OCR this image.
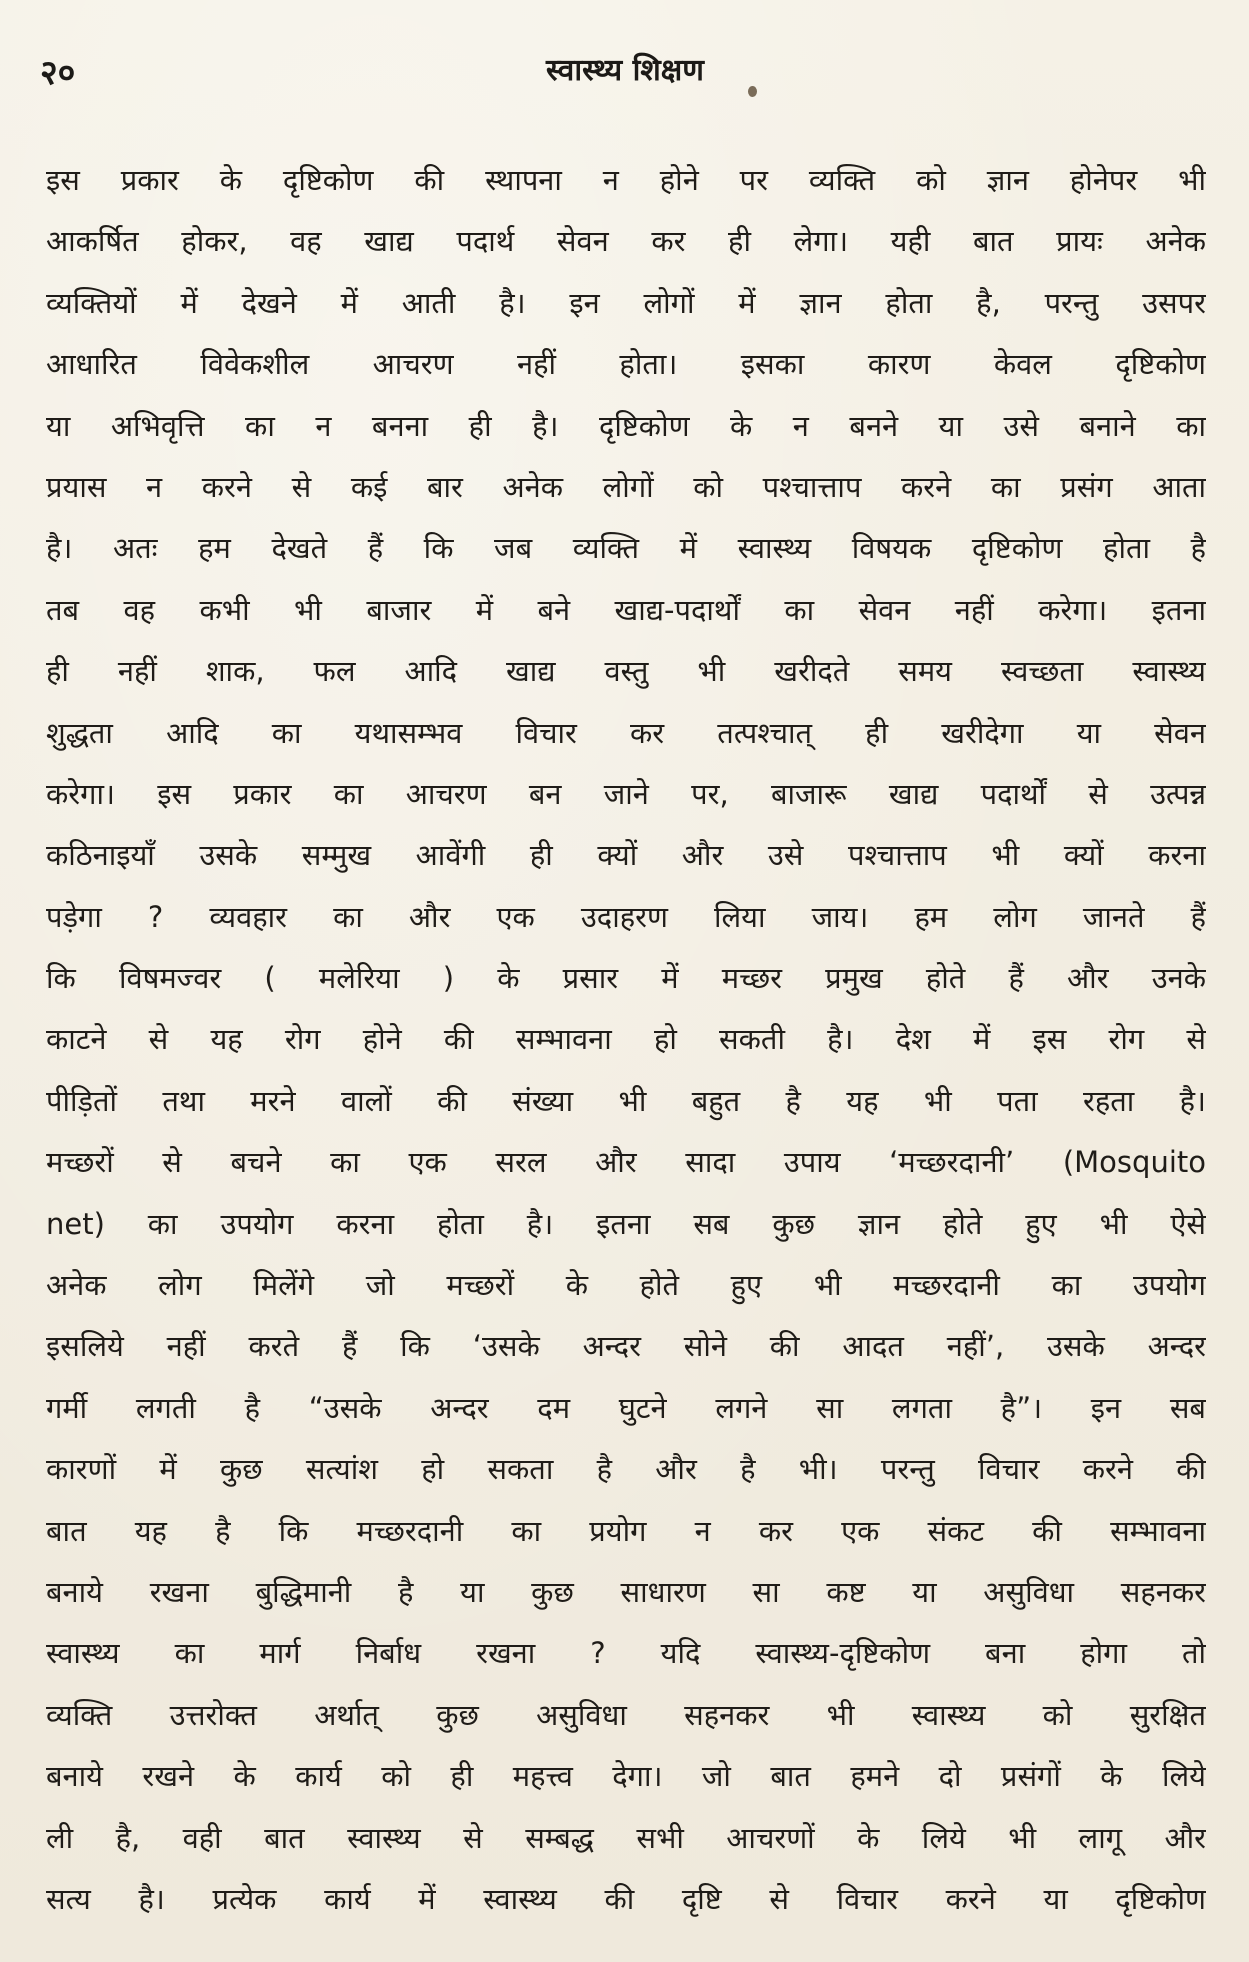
२०	स्वास्थ्य शिक्षण
इस प्रकार के दृष्टिकोण की स्थापना न होने पर व्यक्ति को ज्ञान होनेपर भी
आकर्षित होकर, वह खाद्य पदार्थ सेवन कर ही लेगा। यही बात प्रायः अनेक
व्यक्तियों में देखने में आती है। इन लोगों में ज्ञान होता है, परन्तु उसपर
आधारित विवेकशील आचरण नहीं होता। इसका कारण केवल दृष्टिकोण
या अभिवृत्ति का न बनना ही है। दृष्टिकोण के न बनने या उसे बनाने का
प्रयास न करने से कई बार अनेक लोगों को पश्चात्ताप करने का प्रसंग आता
है। अतः हम देखते हैं कि जब व्यक्ति में स्वास्थ्य विषयक दृष्टिकोण होता है
तब वह कभी भी बाजार में बने खाद्य-पदार्थों का सेवन नहीं करेगा। इतना
ही नहीं शाक, फल आदि खाद्य वस्तु भी खरीदते समय स्वच्छता स्वास्थ्य
शुद्धता आदि का यथासम्भव विचार कर तत्पश्चात् ही खरीदेगा या सेवन
करेगा। इस प्रकार का आचरण बन जाने पर, बाजारू खाद्य पदार्थों से उत्पन्न
कठिनाइयाँ उसके सम्मुख आवेंगी ही क्यों और उसे पश्चात्ताप भी क्यों करना
पड़ेगा ? व्यवहार का और एक उदाहरण लिया जाय। हम लोग जानते हैं
कि विषमज्वर ( मलेरिया ) के प्रसार में मच्छर प्रमुख होते हैं और उनके
काटने से यह रोग होने की सम्भावना हो सकती है। देश में इस रोग से
पीड़ितों तथा मरने वालों की संख्या भी बहुत है यह भी पता रहता है।
मच्छरों से बचने का एक सरल और सादा उपाय ‘मच्छरदानी’ (Mosquito
net) का उपयोग करना होता है। इतना सब कुछ ज्ञान होते हुए भी ऐसे
अनेक लोग मिलेंगे जो मच्छरों के होते हुए भी मच्छरदानी का उपयोग
इसलिये नहीं करते हैं कि ‘उसके अन्दर सोने की आदत नहीं’, उसके अन्दर
गर्मी लगती है “उसके अन्दर दम घुटने लगने सा लगता है”। इन सब
कारणों में कुछ सत्यांश हो सकता है और है भी। परन्तु विचार करने की
बात यह है कि मच्छरदानी का प्रयोग न कर एक संकट की सम्भावना
बनाये रखना बुद्धिमानी है या कुछ साधारण सा कष्ट या असुविधा सहनकर
स्वास्थ्य का मार्ग निर्बाध रखना ? यदि स्वास्थ्य-दृष्टिकोण बना होगा तो
व्यक्ति उत्तरोक्त अर्थात् कुछ असुविधा सहनकर भी स्वास्थ्य को सुरक्षित
बनाये रखने के कार्य को ही महत्त्व देगा। जो बात हमने दो प्रसंगों के लिये
ली है, वही बात स्वास्थ्य से सम्बद्ध सभी आचरणों के लिये भी लागू और
सत्य है। प्रत्येक कार्य में स्वास्थ्य की दृष्टि से विचार करने या दृष्टिकोण
